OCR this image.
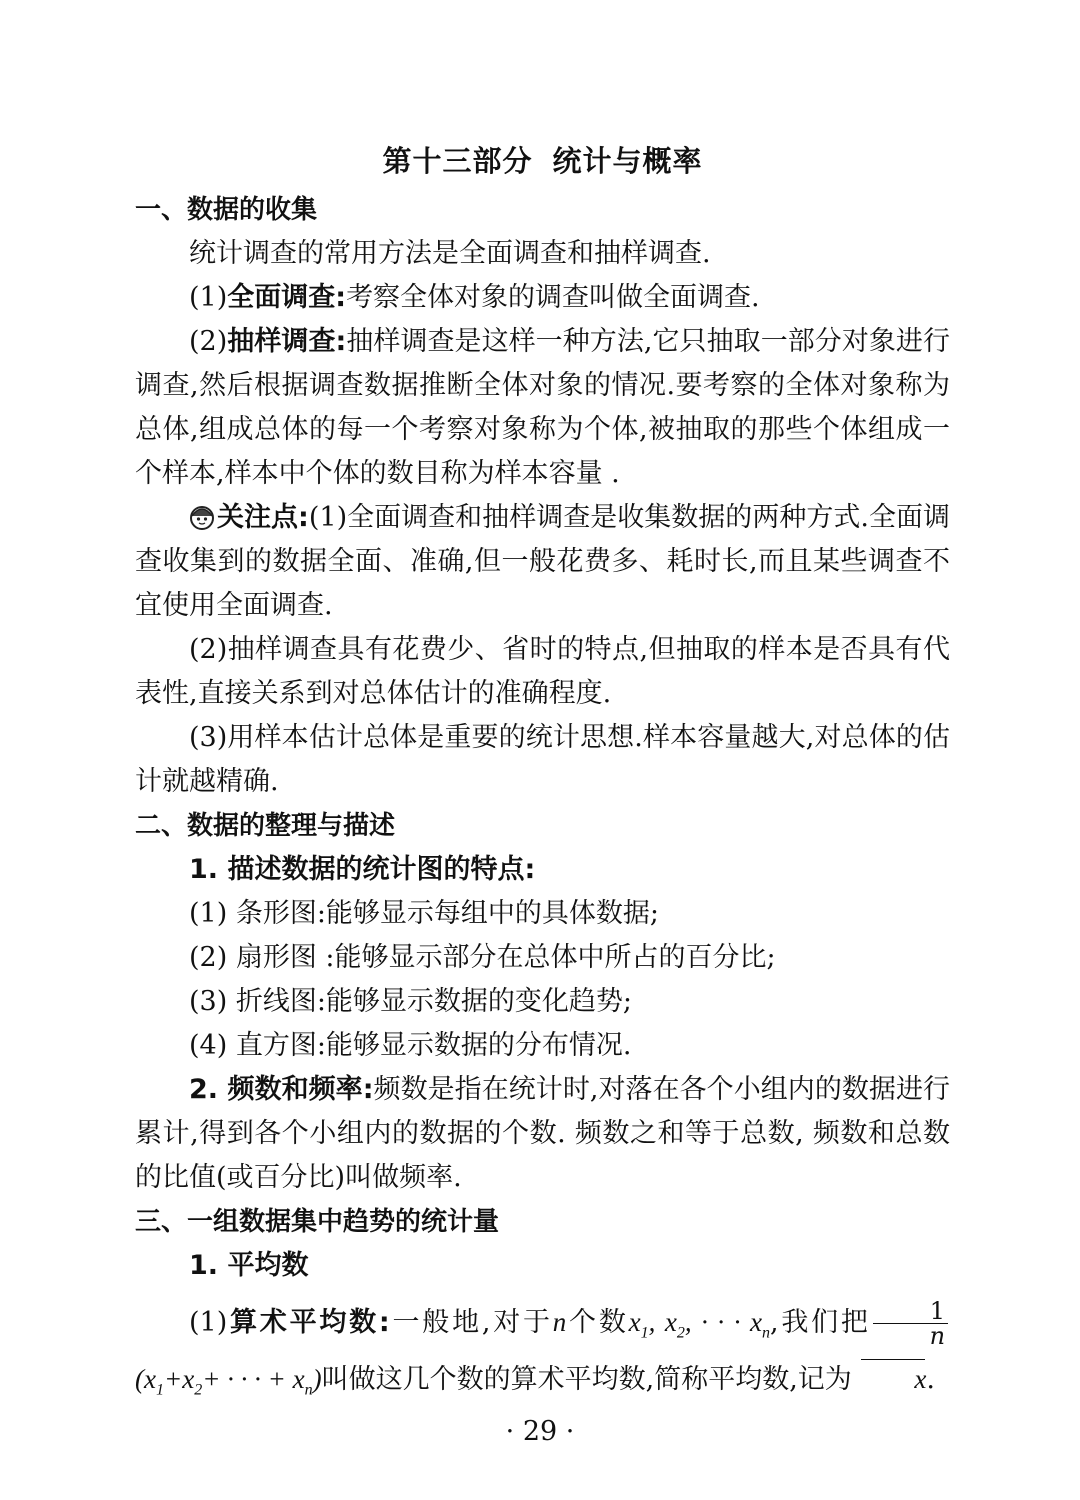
第十三部分 统计与概率
一、数据的收集

统计调查的常用方法是全面调查和抽样调查.

(1)全面调查:考察全体对象的调查叫做全面调查.

(2)抽样调查:抽样调查是这样一种方法,它只抽取一部分对象进行调查,然后根据调查数据推断全体对象的情况.要考察的全体对象称为总体,组成总体的每一个考察对象称为个体,被抽取的那些个体组成一个样本,样本中个体的数目称为样本容量 .

关注点:(1)全面调查和抽样调查是收集数据的两种方式.全面调查收集到的数据全面、准确,但一般花费多、耗时长,而且某些调查不宜使用全面调查.

(2)抽样调查具有花费少、省时的特点,但抽取的样本是否具有代表性,直接关系到对总体估计的准确程度.

(3)用样本估计总体是重要的统计思想.样本容量越大,对总体的估计就越精确.

二、数据的整理与描述

1. 描述数据的统计图的特点:

(1) 条形图:能够显示每组中的具体数据;

(2) 扇形图 :能够显示部分在总体中所占的百分比;

(3) 折线图:能够显示数据的变化趋势;

(4) 直方图:能够显示数据的分布情况.

2. 频数和频率:频数是指在统计时,对落在各个小组内的数据进行累计,得到各个小组内的数据的个数. 频数之和等于总数, 频数和总数的比值(或百分比)叫做频率.

三、一组数据集中趋势的统计量

1. 平均数

(1)算术平均数:一般地,对于n个数$x_1$, $x_2$, · · · $x_n$,我们把 $\frac{1}{n}$
($x_1+x_2+$ · · · + $x_n$)叫做这几个数的算术平均数,简称平均数,记为 x.

· 29 ·
